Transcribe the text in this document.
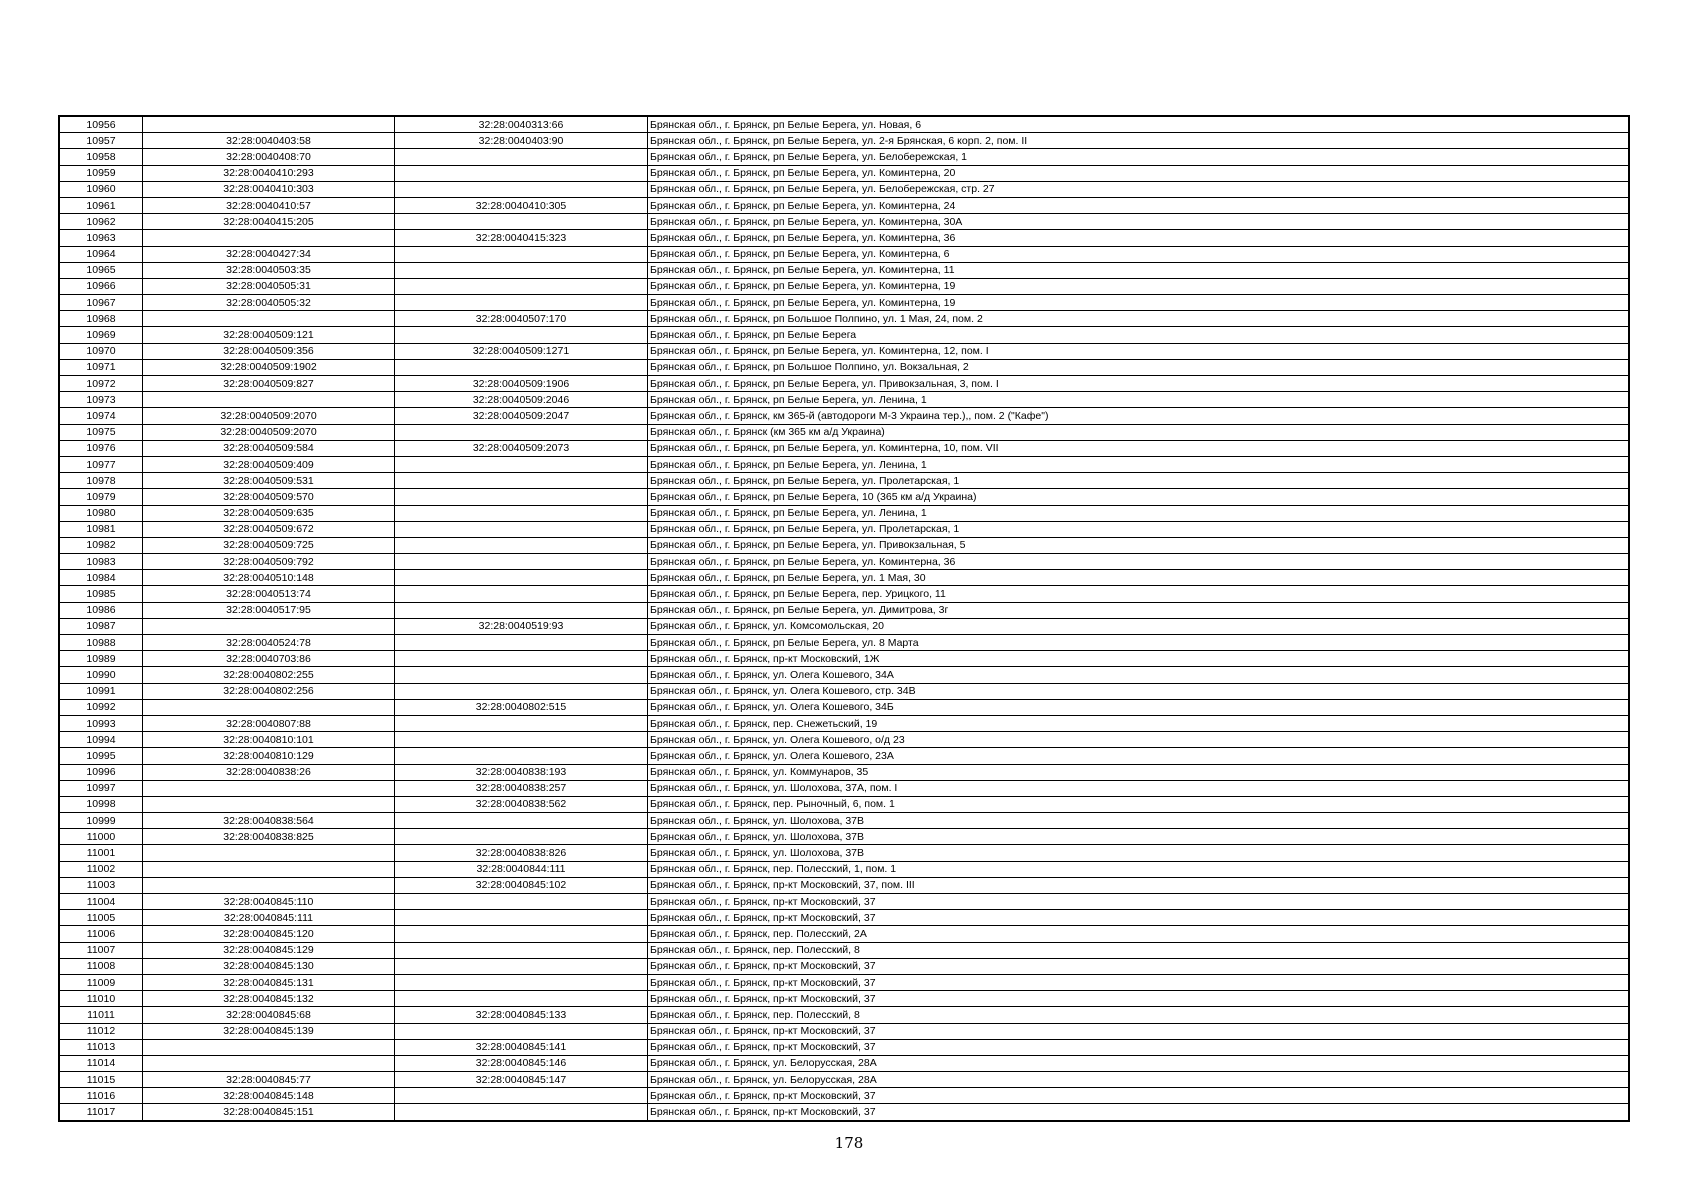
10956		32:28:0040313:66	Брянская обл., г. Брянск, рп Белые Берега, ул. Новая, 6
10957	32:28:0040403:58	32:28:0040403:90	Брянская обл., г. Брянск, рп Белые Берега, ул. 2-я Брянская, 6 корп. 2, пом. II
10958	32:28:0040408:70		Брянская обл., г. Брянск, рп Белые Берега, ул. Белобережская, 1
10959	32:28:0040410:293		Брянская обл., г. Брянск, рп Белые Берега, ул. Коминтерна, 20
10960	32:28:0040410:303		Брянская обл., г. Брянск, рп Белые Берега, ул. Белобережская, стр. 27
10961	32:28:0040410:57	32:28:0040410:305	Брянская обл., г. Брянск, рп Белые Берега, ул. Коминтерна, 24
10962	32:28:0040415:205		Брянская обл., г. Брянск, рп Белые Берега, ул. Коминтерна, 30А
10963		32:28:0040415:323	Брянская обл., г. Брянск, рп Белые Берега, ул. Коминтерна, 36
10964	32:28:0040427:34		Брянская обл., г. Брянск, рп Белые Берега, ул. Коминтерна, 6
10965	32:28:0040503:35		Брянская обл., г. Брянск, рп Белые Берега, ул. Коминтерна, 11
10966	32:28:0040505:31		Брянская обл., г. Брянск, рп Белые Берега, ул. Коминтерна, 19
10967	32:28:0040505:32		Брянская обл., г. Брянск, рп Белые Берега, ул. Коминтерна, 19
10968		32:28:0040507:170	Брянская обл., г. Брянск, рп Большое Полпино, ул. 1 Мая, 24, пом. 2
10969	32:28:0040509:121		Брянская обл., г. Брянск, рп Белые Берега
10970	32:28:0040509:356	32:28:0040509:1271	Брянская обл., г. Брянск, рп Белые Берега, ул. Коминтерна, 12, пом. I
10971	32:28:0040509:1902		Брянская обл., г. Брянск, рп Большое Полпино, ул. Вокзальная, 2
10972	32:28:0040509:827	32:28:0040509:1906	Брянская обл., г. Брянск, рп Белые Берега, ул. Привокзальная, 3, пом. I
10973		32:28:0040509:2046	Брянская обл., г. Брянск, рп Белые Берега, ул. Ленина, 1
10974	32:28:0040509:2070	32:28:0040509:2047	Брянская обл., г. Брянск, км 365-й (автодороги М-3 Украина тер.),, пом. 2 ("Кафе")
10975	32:28:0040509:2070		Брянская обл., г. Брянск (км 365 км а/д Украина)
10976	32:28:0040509:584	32:28:0040509:2073	Брянская обл., г. Брянск, рп Белые Берега, ул. Коминтерна, 10, пом. VII
10977	32:28:0040509:409		Брянская обл., г. Брянск, рп Белые Берега, ул. Ленина, 1
10978	32:28:0040509:531		Брянская обл., г. Брянск, рп Белые Берега, ул. Пролетарская, 1
10979	32:28:0040509:570		Брянская обл., г. Брянск, рп Белые Берега, 10 (365 км а/д Украина)
10980	32:28:0040509:635		Брянская обл., г. Брянск, рп Белые Берега, ул. Ленина, 1
10981	32:28:0040509:672		Брянская обл., г. Брянск, рп Белые Берега, ул. Пролетарская, 1
10982	32:28:0040509:725		Брянская обл., г. Брянск, рп Белые Берега, ул. Привокзальная, 5
10983	32:28:0040509:792		Брянская обл., г. Брянск, рп Белые Берега, ул. Коминтерна, 36
10984	32:28:0040510:148		Брянская обл., г. Брянск, рп Белые Берега, ул. 1 Мая, 30
10985	32:28:0040513:74		Брянская обл., г. Брянск, рп Белые Берега, пер. Урицкого, 11
10986	32:28:0040517:95		Брянская обл., г. Брянск, рп Белые Берега, ул. Димитрова, 3г
10987		32:28:0040519:93	Брянская обл., г. Брянск, ул. Комсомольская, 20
10988	32:28:0040524:78		Брянская обл., г. Брянск, рп Белые Берега, ул. 8 Марта
10989	32:28:0040703:86		Брянская обл., г. Брянск, пр-кт Московский, 1Ж
10990	32:28:0040802:255		Брянская обл., г. Брянск, ул. Олега Кошевого, 34А
10991	32:28:0040802:256		Брянская обл., г. Брянск, ул. Олега Кошевого, стр. 34В
10992		32:28:0040802:515	Брянская обл., г. Брянск, ул. Олега Кошевого, 34Б
10993	32:28:0040807:88		Брянская обл., г. Брянск, пер. Снежетьский, 19
10994	32:28:0040810:101		Брянская обл., г. Брянск, ул. Олега Кошевого, о/д 23
10995	32:28:0040810:129		Брянская обл., г. Брянск, ул. Олега Кошевого, 23А
10996	32:28:0040838:26	32:28:0040838:193	Брянская обл., г. Брянск, ул. Коммунаров, 35
10997		32:28:0040838:257	Брянская обл., г. Брянск, ул. Шолохова, 37А, пом. I
10998		32:28:0040838:562	Брянская обл., г. Брянск, пер. Рыночный, 6, пом. 1
10999	32:28:0040838:564		Брянская обл., г. Брянск, ул. Шолохова, 37В
11000	32:28:0040838:825		Брянская обл., г. Брянск, ул. Шолохова, 37В
11001		32:28:0040838:826	Брянская обл., г. Брянск, ул. Шолохова, 37В
11002		32:28:0040844:111	Брянская обл., г. Брянск, пер. Полесский, 1, пом. 1
11003		32:28:0040845:102	Брянская обл., г. Брянск, пр-кт Московский, 37, пом. III
11004	32:28:0040845:110		Брянская обл., г. Брянск, пр-кт Московский, 37
11005	32:28:0040845:111		Брянская обл., г. Брянск, пр-кт Московский, 37
11006	32:28:0040845:120		Брянская обл., г. Брянск, пер. Полесский, 2А
11007	32:28:0040845:129		Брянская обл., г. Брянск, пер. Полесский, 8
11008	32:28:0040845:130		Брянская обл., г. Брянск, пр-кт Московский, 37
11009	32:28:0040845:131		Брянская обл., г. Брянск, пр-кт Московский, 37
11010	32:28:0040845:132		Брянская обл., г. Брянск, пр-кт Московский, 37
11011	32:28:0040845:68	32:28:0040845:133	Брянская обл., г. Брянск, пер. Полесский, 8
11012	32:28:0040845:139		Брянская обл., г. Брянск, пр-кт Московский, 37
11013		32:28:0040845:141	Брянская обл., г. Брянск, пр-кт Московский, 37
11014		32:28:0040845:146	Брянская обл., г. Брянск, ул. Белорусская, 28А
11015	32:28:0040845:77	32:28:0040845:147	Брянская обл., г. Брянск, ул. Белорусская, 28А
11016	32:28:0040845:148		Брянская обл., г. Брянск, пр-кт Московский, 37
11017	32:28:0040845:151		Брянская обл., г. Брянск, пр-кт Московский, 37
178
